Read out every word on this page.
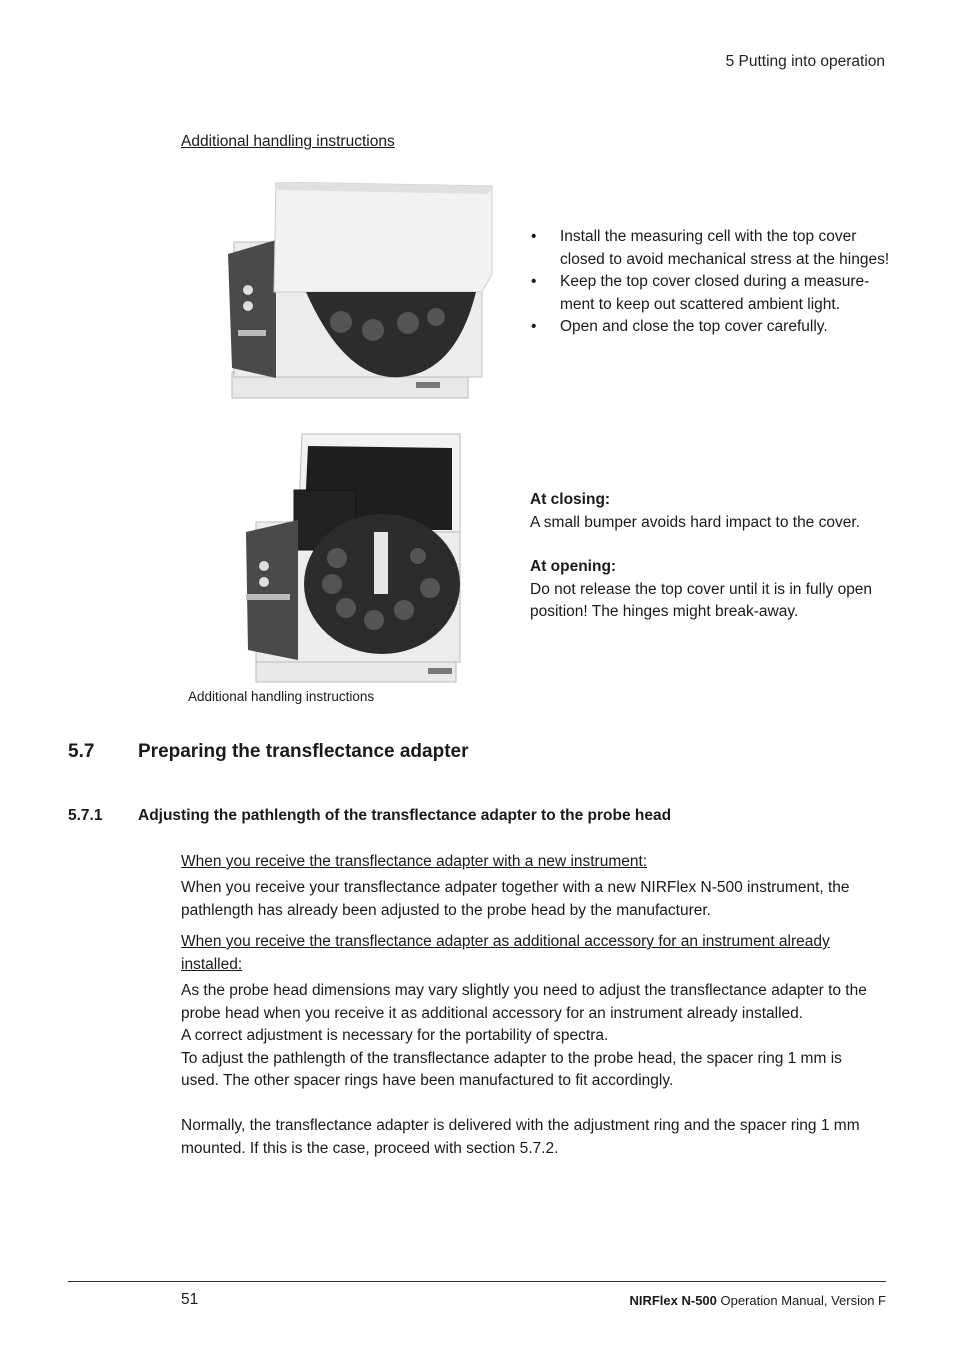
5 Putting into operation
Additional handling instructions
• Install the measuring cell with the top cover closed to avoid mechanical stress at the hinges!
• Keep the top cover closed during a measure-ment to keep out scattered ambient light.
• Open and close the top cover carefully.
At closing:
A small bumper avoids hard impact to the cover.
At opening:
Do not release the top cover until it is in fully open position! The hinges might break-away.
Additional handling instructions
5.7 Preparing the transflectance adapter
5.7.1 Adjusting the pathlength of the transflectance adapter to the probe head
When you receive the transflectance adapter with a new instrument:
When you receive your transflectance adpater together with a new NIRFlex N-500 instrument, the pathlength has already been adjusted to the probe head by the manufacturer.
When you receive the transflectance adapter as additional accessory for an instrument already installed:
As the probe head dimensions may vary slightly you need to adjust the transflectance adapter to the probe head when you receive it as additional accessory for an instrument already installed.
A correct adjustment is necessary for the portability of spectra.
To adjust the pathlength of the transflectance adapter to the probe head, the spacer ring 1 mm is used. The other spacer rings have been manufactured to fit accordingly.
Normally, the transflectance adapter is delivered with the adjustment ring and the spacer ring 1 mm mounted. If this is the case, proceed with section 5.7.2.
51	NIRFlex N-500 Operation Manual, Version F
